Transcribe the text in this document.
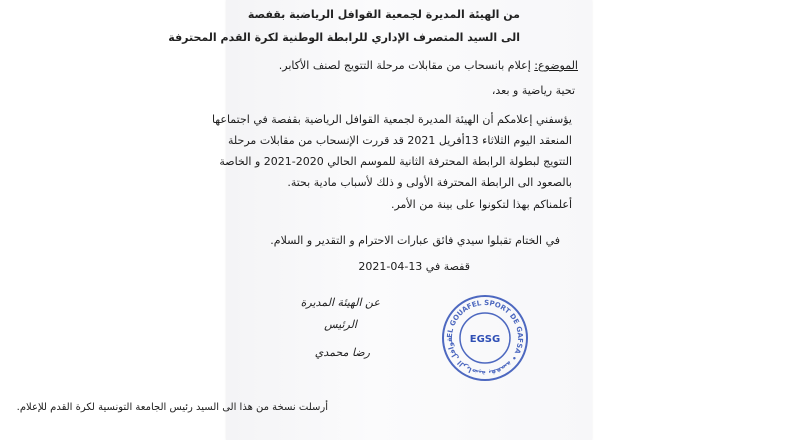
من الهيئة المديرة لجمعية القوافل الرياضية بقفصة
الى السيد المتصرف الإداري للرابطة الوطنية لكرة القدم المحترفة
الموضوع: إعلام بانسحاب من مقابلات مرحلة التتويج لصنف الأكابر.
تحية رياضية و بعد،
يؤسفني إعلامكم أن الهيئة المديرة لجمعية القوافل الرياضية بقفصة في اجتماعها
المنعقد اليوم الثلاثاء 13أفريل 2021 قد قررت الإنسحاب من مقابلات مرحلة
التتويج لبطولة الرابطة المحترفة الثانية للموسم الحالي 2020-2021 و الخاصة
بالصعود الى الرابطة المحترفة الأولى و ذلك لأسباب مادية بحتة.
أعلمناكم بهذا لتكونوا على بينة من الأمر.
في الختام تقبلوا سيدي فائق عبارات الاحترام و التقدير و السلام.
قفصة في 13-04-2021
عن الهيئة المديرة
الرئيس
رضا محمدي
EL GOUAFEL SPORT DE GAFSA • قوافل الرياضية بقفصة
EGSG
أرسلت نسخة من هذا الى السيد رئيس الجامعة التونسية لكرة القدم للإعلام.
